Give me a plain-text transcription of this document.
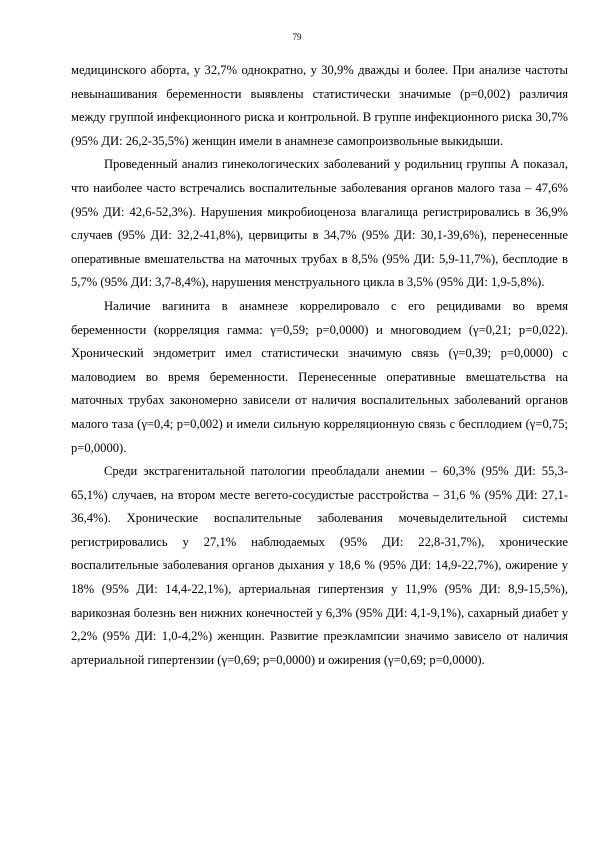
79

медицинского аборта, у 32,7% однократно, у 30,9% дважды и более. При анализе частоты невынашивания беременности выявлены статистически значимые (р=0,002) различия между группой инфекционного риска и контрольной. В группе инфекционного риска 30,7% (95% ДИ: 26,2-35,5%) женщин имели в анамнезе самопроизвольные выкидыши.

Проведенный анализ гинекологических заболеваний у родильниц группы А показал, что наиболее часто встречались воспалительные заболевания органов малого таза – 47,6% (95% ДИ: 42,6-52,3%). Нарушения микробиоценоза влагалища регистрировались в 36,9% случаев (95% ДИ: 32,2-41,8%), цервициты в 34,7% (95% ДИ: 30,1-39,6%), перенесенные оперативные вмешательства на маточных трубах в 8,5% (95% ДИ: 5,9-11,7%), бесплодие в 5,7% (95% ДИ: 3,7-8,4%), нарушения менструального цикла в 3,5% (95% ДИ: 1,9-5,8%).

Наличие вагинита в анамнезе коррелировало с его рецидивами во время беременности (корреляция гамма: γ=0,59; р=0,0000) и многоводием (γ=0,21; р=0,022). Хронический эндометрит имел статистически значимую связь (γ=0,39; р=0,0000) с маловодием во время беременности. Перенесенные оперативные вмешательства на маточных трубах закономерно зависели от наличия воспалительных заболеваний органов малого таза (γ=0,4; р=0,002) и имели сильную корреляционную связь с бесплодием (γ=0,75; р=0,0000).

Среди экстрагенитальной патологии преобладали анемии – 60,3% (95% ДИ: 55,3-65,1%) случаев, на втором месте вегето-сосудистые расстройства – 31,6 % (95% ДИ: 27,1-36,4%). Хронические воспалительные заболевания мочевыделительной системы регистрировались у 27,1% наблюдаемых (95% ДИ: 22,8-31,7%), хронические воспалительные заболевания органов дыхания у 18,6 % (95% ДИ: 14,9-22,7%), ожирение у 18% (95% ДИ: 14,4-22,1%), артериальная гипертензия у 11,9% (95% ДИ: 8,9-15,5%), варикозная болезнь вен нижних конечностей у 6,3% (95% ДИ: 4,1-9,1%), сахарный диабет у 2,2% (95% ДИ: 1,0-4,2%) женщин. Развитие преэклампсии значимо зависело от наличия артериальной гипертензии (γ=0,69; р=0,0000) и ожирения (γ=0,69; р=0,0000).
